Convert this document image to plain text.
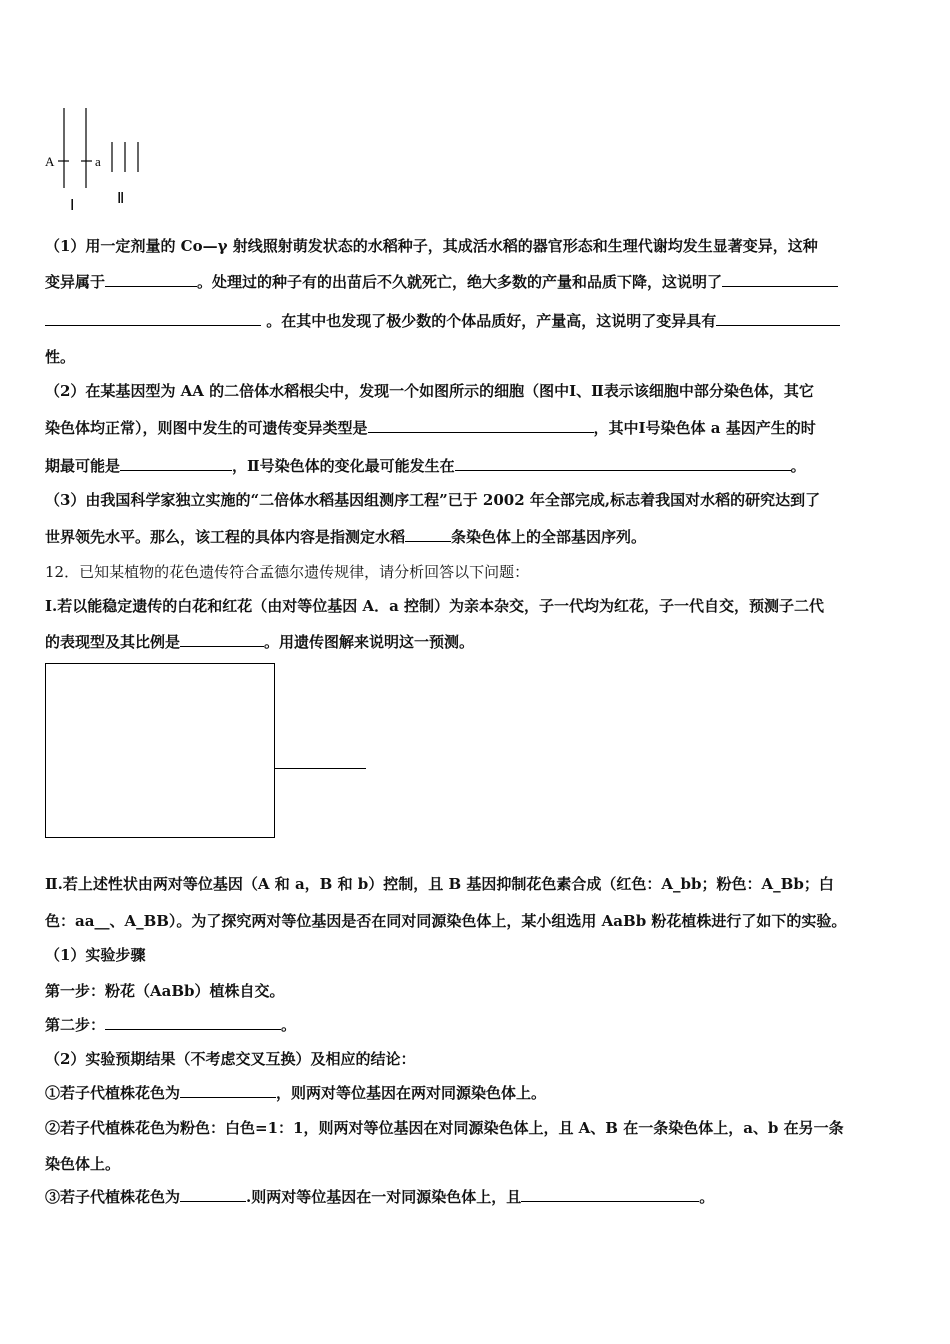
A	a
Ⅰ	Ⅱ
（1）用一定剂量的 Co—γ 射线照射萌发状态的水稻种子，其成活水稻的器官形态和生理代谢均发生显著变异，这种
变异属于	。处理过的种子有的出苗后不久就死亡，绝大多数的产量和品质下降，这说明了
。在其中也发现了极少数的个体品质好，产量高，这说明了变异具有
性。
（2）在某基因型为 AA 的二倍体水稻根尖中，发现一个如图所示的细胞（图中Ⅰ、Ⅱ表示该细胞中部分染色体，其它
染色体均正常），则图中发生的可遗传变异类型是	，其中Ⅰ号染色体 a 基因产生的时
期最可能是	，Ⅱ号染色体的变化最可能发生在	。
（3）由我国科学家独立实施的“二倍体水稻基因组测序工程”已于 2002 年全部完成,标志着我国对水稻的研究达到了
世界领先水平。那么，该工程的具体内容是指测定水稻	条染色体上的全部基因序列。
12．已知某植物的花色遗传符合孟德尔遗传规律，请分析回答以下问题：
Ⅰ.若以能稳定遗传的白花和红花（由对等位基因 A．a 控制）为亲本杂交，子一代均为红花，子一代自交，预测子二代
的表现型及其比例是	。用遗传图解来说明这一预测。
Ⅱ.若上述性状由两对等位基因（A 和 a，B 和 b）控制，且 B 基因抑制花色素合成（红色：A_bb；粉色：A_Bb；白
色：aa__、A_BB）。为了探究两对等位基因是否在同对同源染色体上，某小组选用 AaBb 粉花植株进行了如下的实验。
（1）实验步骤
第一步：粉花（AaBb）植株自交。
第二步：	。
（2）实验预期结果（不考虑交叉互换）及相应的结论：
①若子代植株花色为	，则两对等位基因在两对同源染色体上。
②若子代植株花色为粉色：白色=1：1，则两对等位基因在对同源染色体上，且 A、B 在一条染色体上，a、b 在另一条
染色体上。
③若子代植株花色为	.则两对等位基因在一对同源染色体上，且	。
